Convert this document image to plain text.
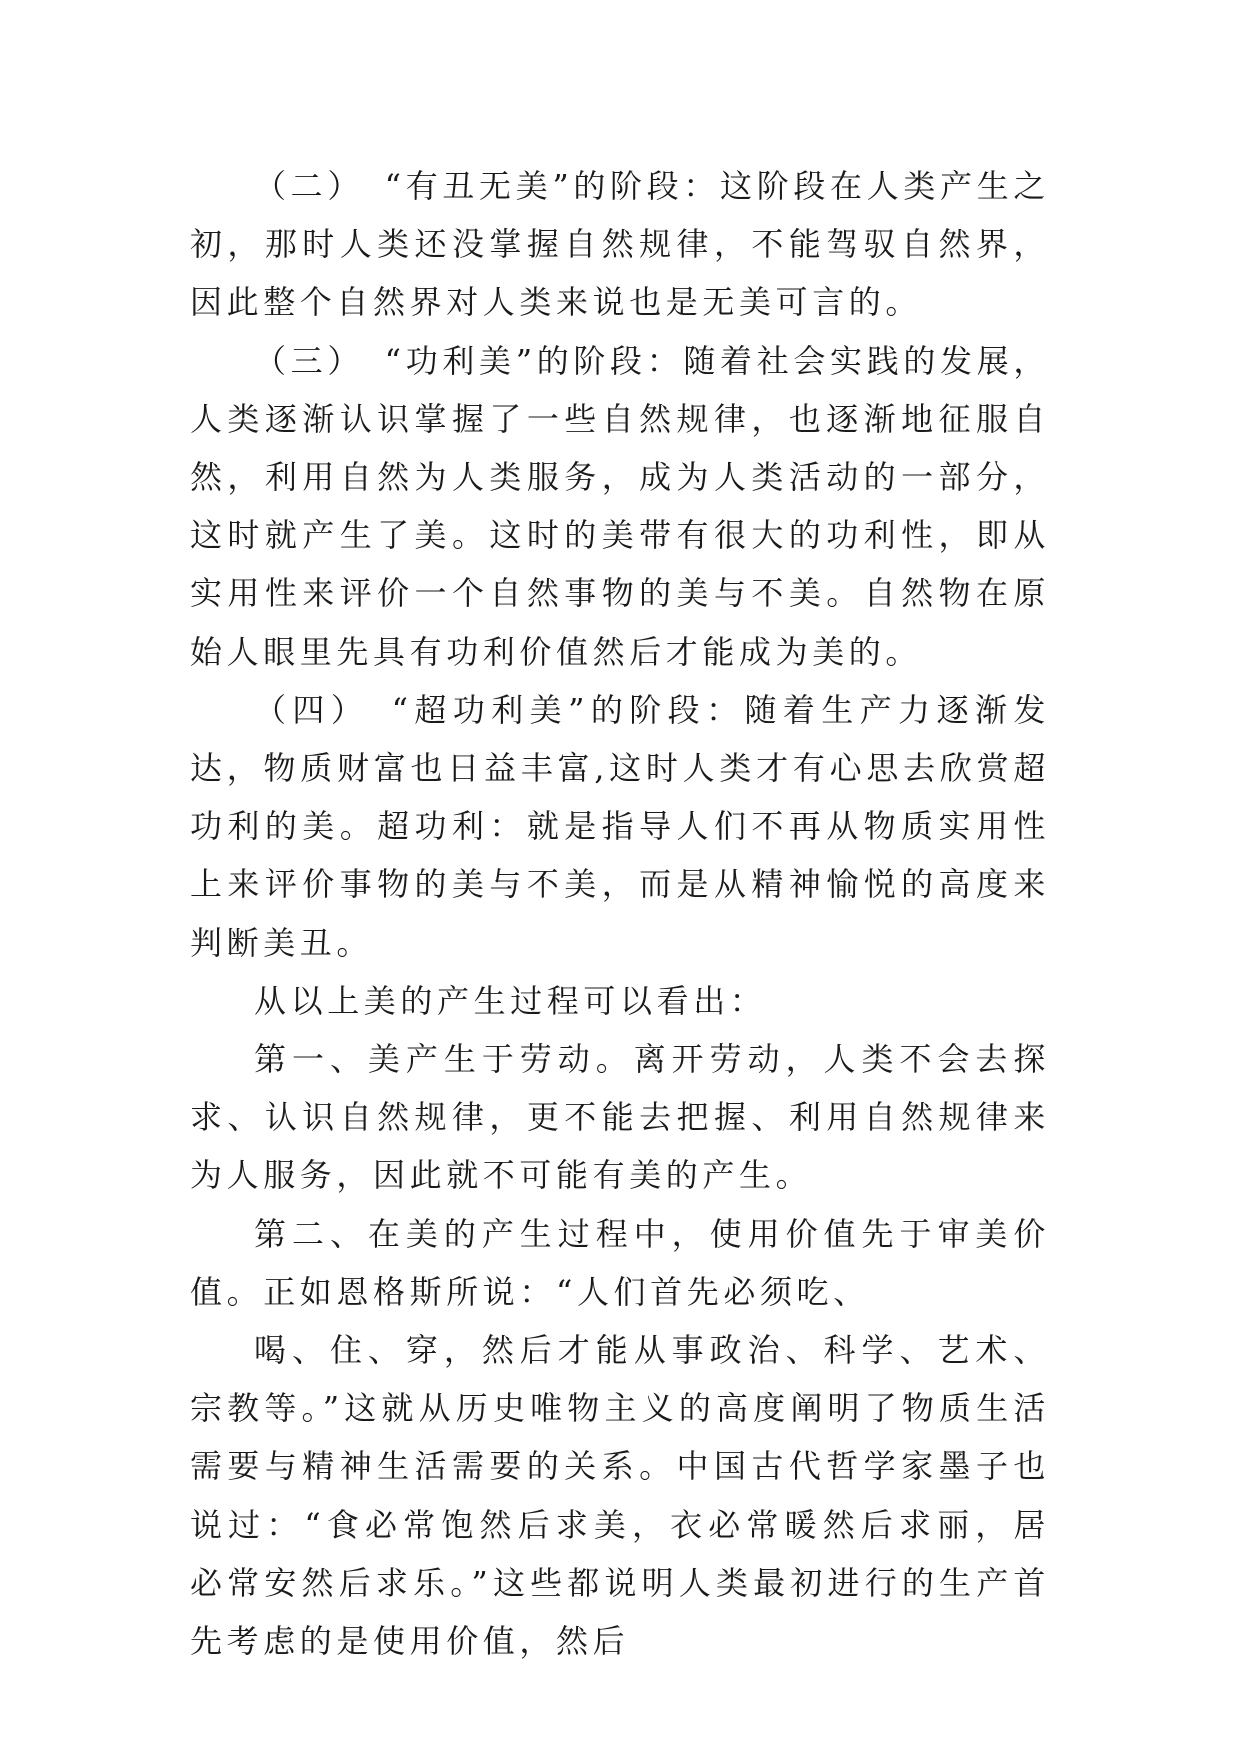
（二）　“有丑无美”的阶段：这阶段在人类产生之初，那时人类还没掌握自然规律，不能驾驭自然界，因此整个自然界对人类来说也是无美可言的。

（三）　“功利美”的阶段：随着社会实践的发展，人类逐渐认识掌握了一些自然规律，也逐渐地征服自然，利用自然为人类服务，成为人类活动的一部分，这时就产生了美。这时的美带有很大的功利性，即从实用性来评价一个自然事物的美与不美。自然物在原始人眼里先具有功利价值然后才能成为美的。

（四）　“超功利美”的阶段：随着生产力逐渐发达，物质财富也日益丰富,这时人类才有心思去欣赏超功利的美。超功利：就是指导人们不再从物质实用性上来评价事物的美与不美，而是从精神愉悦的高度来判断美丑。

从以上美的产生过程可以看出：

第一、美产生于劳动。离开劳动，人类不会去探求、认识自然规律，更不能去把握、利用自然规律来为人服务，因此就不可能有美的产生。

第二、在美的产生过程中，使用价值先于审美价值。正如恩格斯所说：“人们首先必须吃、

喝、住、穿，然后才能从事政治、科学、艺术、宗教等。”这就从历史唯物主义的高度阐明了物质生活需要与精神生活需要的关系。中国古代哲学家墨子也说过：“食必常饱然后求美，衣必常暖然后求丽，居必常安然后求乐。”这些都说明人类最初进行的生产首先考虑的是使用价值，然后
